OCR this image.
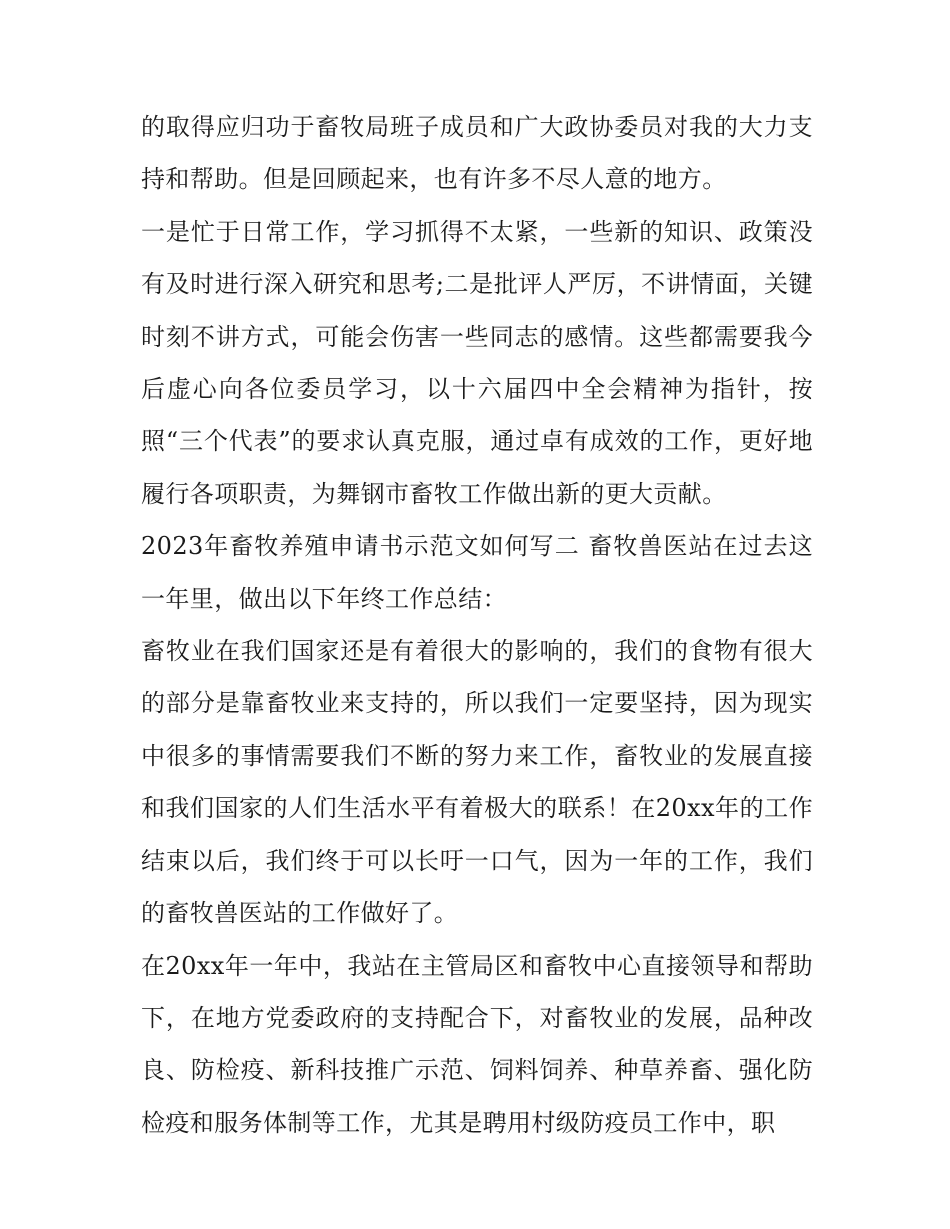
的取得应归功于畜牧局班子成员和广大政协委员对我的大力支持和帮助。但是回顾起来，也有许多不尽人意的地方。

一是忙于日常工作，学习抓得不太紧，一些新的知识、政策没有及时进行深入研究和思考;二是批评人严厉，不讲情面，关键时刻不讲方式，可能会伤害一些同志的感情。这些都需要我今后虚心向各位委员学习，以十六届四中全会精神为指针，按照“三个代表”的要求认真克服，通过卓有成效的工作，更好地履行各项职责，为舞钢市畜牧工作做出新的更大贡献。

2023年畜牧养殖申请书示范文如何写二 畜牧兽医站在过去这一年里，做出以下年终工作总结：

畜牧业在我们国家还是有着很大的影响的，我们的食物有很大的部分是靠畜牧业来支持的，所以我们一定要坚持，因为现实中很多的事情需要我们不断的努力来工作，畜牧业的发展直接和我们国家的人们生活水平有着极大的联系！在20xx年的工作结束以后，我们终于可以长吁一口气，因为一年的工作，我们的畜牧兽医站的工作做好了。

在20xx年一年中，我站在主管局区和畜牧中心直接领导和帮助下，在地方党委政府的支持配合下，对畜牧业的发展，品种改良、防检疫、新科技推广示范、饲料饲养、种草养畜、强化防检疫和服务体制等工作，尤其是聘用村级防疫员工作中，职
